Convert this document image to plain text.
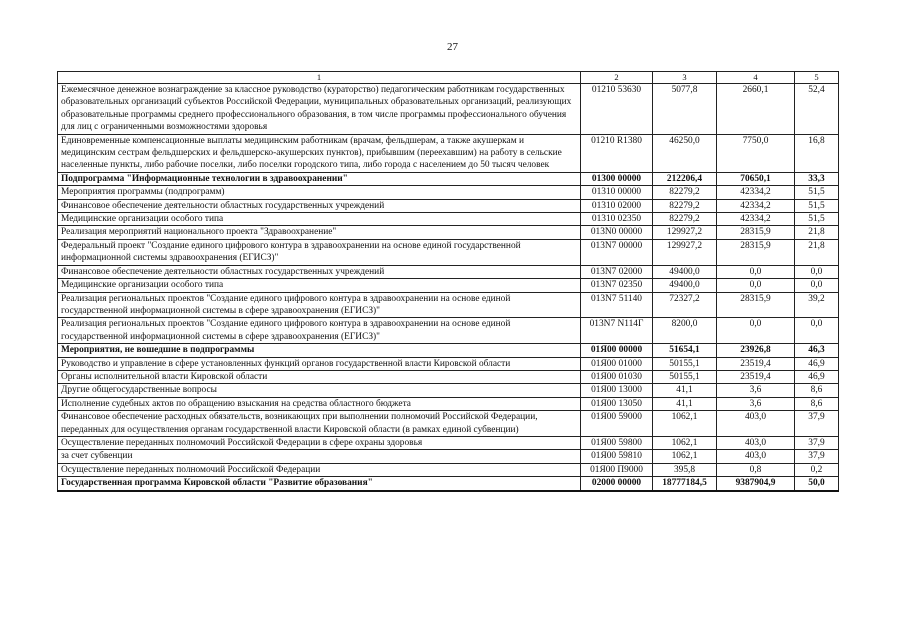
27
1	2	3	4	5
Ежемесячное денежное вознаграждение за классное руководство (кураторство) педагогическим работникам государственных образовательных организаций субъектов Российской Федерации, муниципальных образовательных организаций, реализующих образовательные программы среднего профессионального образования, в том числе программы профессионального обучения для лиц с ограниченными возможностями здоровья	01210 53630	5077,8	2660,1	52,4
Единовременные компенсационные выплаты медицинским работникам (врачам, фельдшерам, а также акушеркам и медицинским сестрам фельдшерских и фельдшерско-акушерских пунктов), прибывшим (переехавшим) на работу в сельские населенные пункты, либо рабочие поселки, либо поселки городского типа, либо города с населением до 50 тысяч человек	01210 R1380	46250,0	7750,0	16,8
Подпрограмма "Информационные технологии в здравоохранении"	01300 00000	212206,4	70650,1	33,3
Мероприятия программы (подпрограмм)	01310 00000	82279,2	42334,2	51,5
Финансовое обеспечение деятельности областных государственных учреждений	01310 02000	82279,2	42334,2	51,5
Медицинские организации особого типа	01310 02350	82279,2	42334,2	51,5
Реализация мероприятий национального проекта "Здравоохранение"	013N0 00000	129927,2	28315,9	21,8
Федеральный проект "Создание единого цифрового контура в здравоохранении на основе единой государственной информационной системы здравоохранения (ЕГИСЗ)"	013N7 00000	129927,2	28315,9	21,8
Финансовое обеспечение деятельности областных государственных учреждений	013N7 02000	49400,0	0,0	0,0
Медицинские организации особого типа	013N7 02350	49400,0	0,0	0,0
Реализация региональных проектов "Создание единого цифрового контура в здравоохранении на основе единой государственной информационной системы в сфере здравоохранения (ЕГИСЗ)"	013N7 51140	72327,2	28315,9	39,2
Реализация региональных проектов "Создание единого цифрового контура в здравоохранении на основе единой государственной информационной системы в сфере здравоохранения (ЕГИСЗ)"	013N7 N114Г	8200,0	0,0	0,0
Мероприятия, не вошедшие в подпрограммы	01Я00 00000	51654,1	23926,8	46,3
Руководство и управление в сфере установленных функций органов государственной власти Кировской области	01Я00 01000	50155,1	23519,4	46,9
Органы исполнительной власти Кировской области	01Я00 01030	50155,1	23519,4	46,9
Другие общегосударственные вопросы	01Я00 13000	41,1	3,6	8,6
Исполнение судебных актов по обращению взыскания на средства областного бюджета	01Я00 13050	41,1	3,6	8,6
Финансовое обеспечение расходных обязательств, возникающих при выполнении полномочий Российской Федерации, переданных для осуществления органам государственной власти Кировской области (в рамках единой субвенции)	01Я00 59000	1062,1	403,0	37,9
Осуществление переданных полномочий Российской Федерации в сфере охраны здоровья	01Я00 59800	1062,1	403,0	37,9
за счет субвенции	01Я00 59810	1062,1	403,0	37,9
Осуществление переданных полномочий Российской Федерации	01Я00 П9000	395,8	0,8	0,2
Государственная программа Кировской области "Развитие образования"	02000 00000	18777184,5	9387904,9	50,0
